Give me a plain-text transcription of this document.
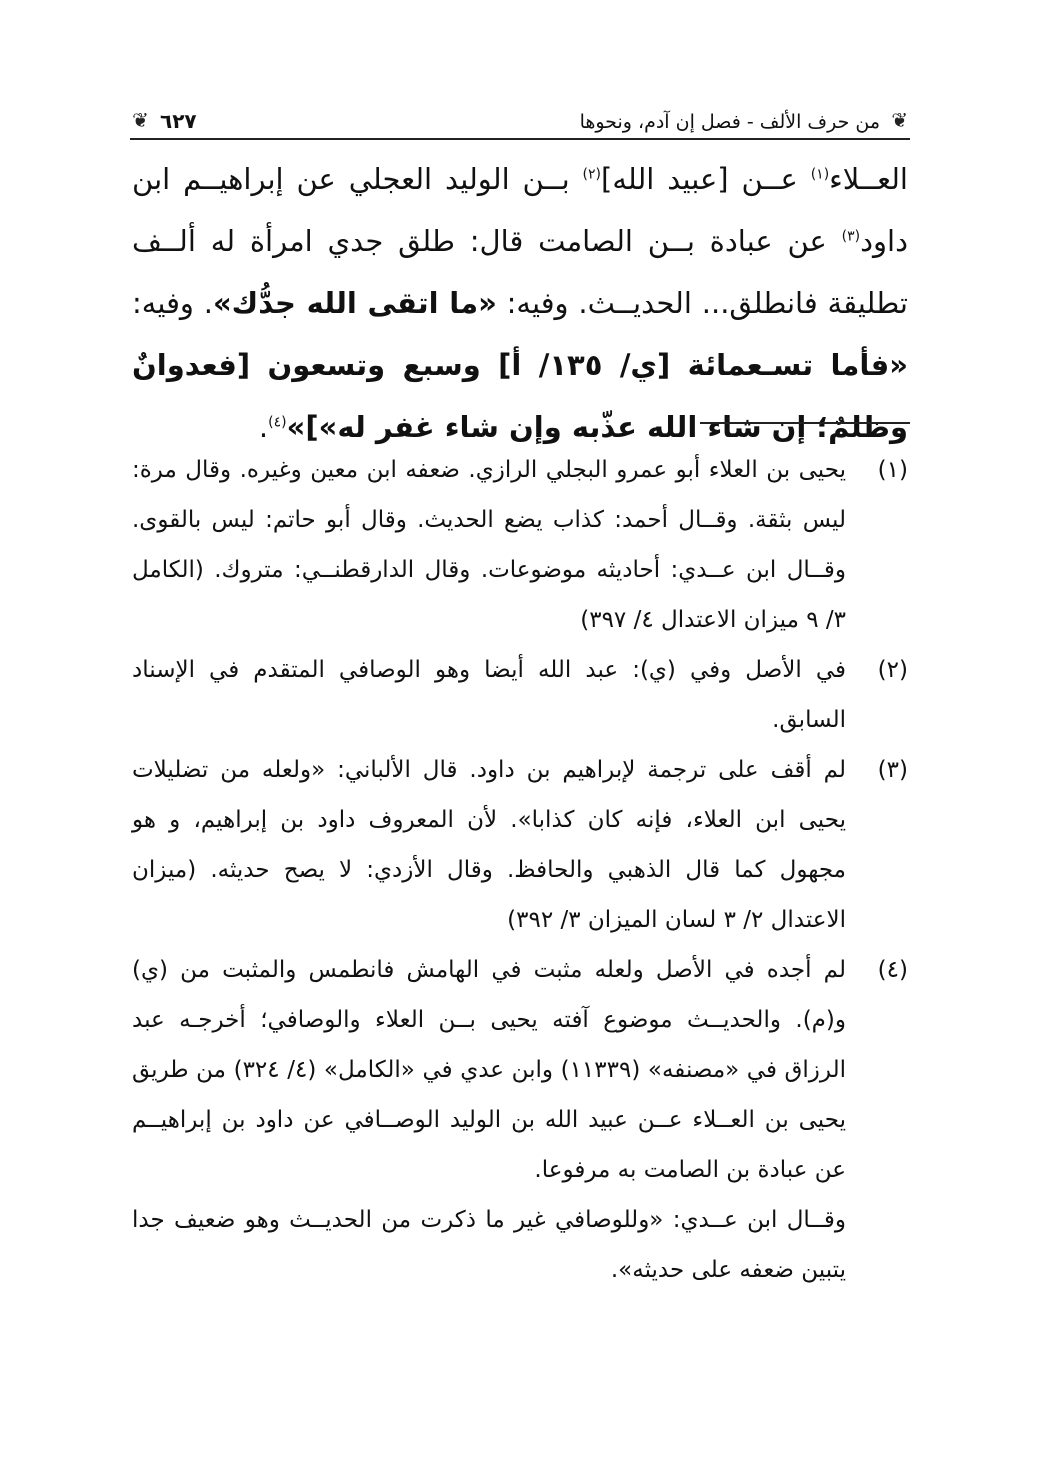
❦
من حرف الألف - فصل إن آدم، ونحوها
٦٢٧
❦

العــلاء$^{(١)}$ عــن [عبيد الله]$^{(٢)}$ بــن الوليد العجلي عن إبراهيــم ابن داود$^{(٣)}$ عن عبادة بــن الصامت قال: طلق جدي امرأة له ألــف تطليقة فانطلق... الحديــث. وفيه: «ما اتقى الله جدُّك». وفيه: «فأما تسـعمائة [ي/ ١٣٥/ أ] وسبع وتسعون [فعدوانٌ وظلمٌ؛ إن شاء الله عذّبه وإن شاء غفر له»]»$^{(٤)}$.

(١)

يحيى بن العلاء أبو عمرو البجلي الرازي. ضعفه ابن معين وغيره. وقال مرة: ليس بثقة. وقــال أحمد: كذاب يضع الحديث. وقال أبو حاتم: ليس بالقوى. وقــال ابن عــدي: أحاديثه موضوعات. وقال الدارقطنــي: متروك. (الكامل ٣/ ٩ ميزان الاعتدال ٤/ ٣٩٧)

(٢)

في الأصل وفي (ي): عبد الله أيضا وهو الوصافي المتقدم في الإسناد السابق.

(٣)

لم أقف على ترجمة لإبراهيم بن داود. قال الألباني: «ولعله من تضليلات يحيى ابن العلاء، فإنه كان كذابا». لأن المعروف داود بن إبراهيم، و هو مجهول كما قال الذهبي والحافظ. وقال الأزدي: لا يصح حديثه. (ميزان الاعتدال ٢/ ٣ لسان الميزان ٣/ ٣٩٢)

(٤)

لم أجده في الأصل ولعله مثبت في الهامش فانطمس والمثبت من (ي) و(م). والحديــث موضوع آفته يحيى بــن العلاء والوصافي؛ أخرجـه عبد الرزاق في «مصنفه» (١١٣٣٩) وابن عدي في «الكامل» (٤/ ٣٢٤) من طريق يحيى بن العــلاء عــن عبيد الله بن الوليد الوصــافي عن داود بن إبراهيــم عن عبادة بن الصامت به مرفوعا.

وقــال ابن عــدي: «وللوصافي غير ما ذكرت من الحديــث وهو ضعيف جدا يتبين ضعفه على حديثه».
